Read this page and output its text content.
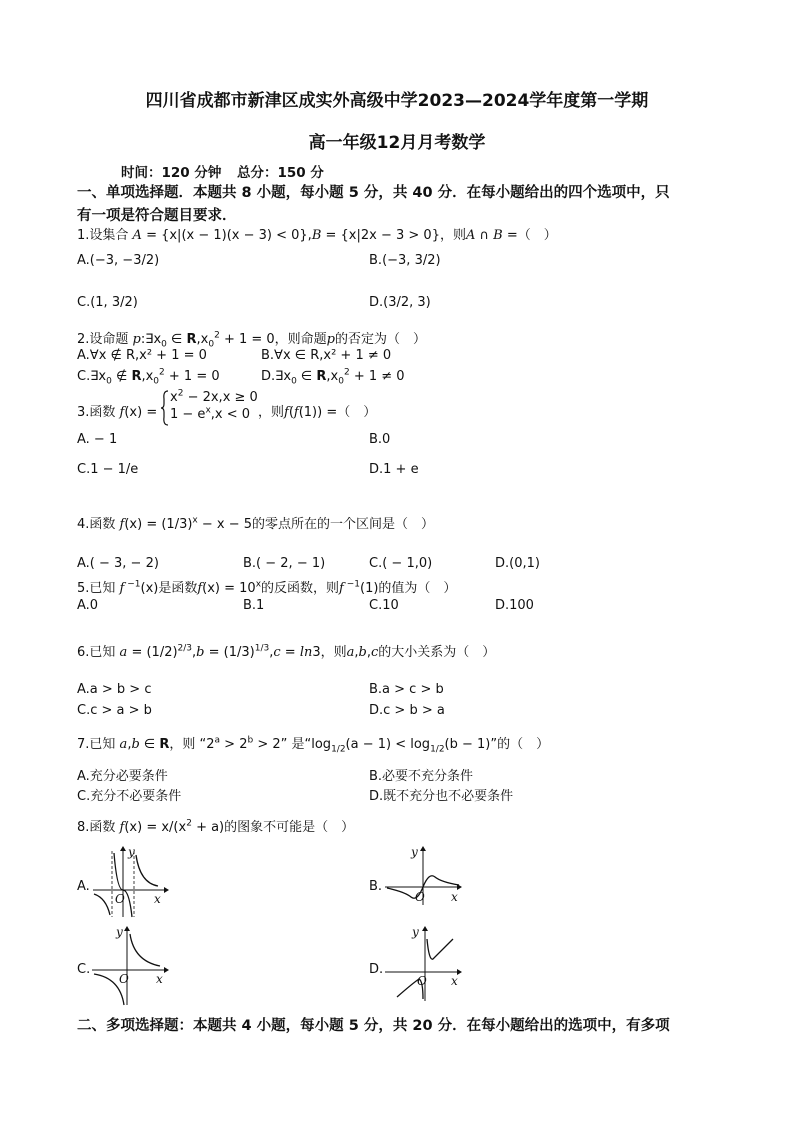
四川省成都市新津区成实外高级中学2023—2024学年度第一学期
高一年级12月月考数学
时间：120 分钟 总分：150 分
一、单项选择题．本题共 8 小题，每小题 5 分，共 40 分．在每小题给出的四个选项中，只
有一项是符合题目要求．
1.设集合 A = {x|(x − 1)(x − 3) < 0},B = {x|2x − 3 > 0}，则A ∩ B =（　）
A.(−3, −3/2)	B.(−3, 3/2)
C.(1, 3/2)	D.(3/2, 3)
2.设命题 $p:\exists x_0$ ∈ $R,x_0^2 + 1 = 0$，则命题p的否定为（　）
A.∀x ∉ R,x² + 1 = 0	B.∀x ∈ R,x² + 1 ≠ 0
$C.\exists x_0$ ∉ $R,x_0^2 + 1 = 0$	$D.\exists x_0$ ∈ $R,x_0^2 + 1 \ne 0$
3.函数 f(x) =
$x^2 - 2x,x \ge 0$
$1 - e^x,x < 0$ ，则f(f(1)) =（　）
A. − 1	B.0
C.1 − 1/e	D.1 + e
4.函数 $f(x) = (1/3)^x - x - 5$的零点所在的一个区间是（　）
A.( − 3, − 2)	B.( − 2, − 1)	C.( − 1,0)	D.(0,1)
5.已知 f $^{-1}$(x)是函数$f(x) = 10^x$的反函数，则f $^{-1}$(1)的值为（　）
A.0	B.1	C.10	D.100
6.已知 $a = (1/2)^{2/3},b = (1/3)^{1/3},c = \ln 3$，则a,b,c的大小关系为（　）
A.a > b > c	B.a > c > b
C.c > a > b	D.c > b > a
7.已知 a,b ∈ R，则 “$2^a > 2^b > 2$” 是“$\log_{1/2}(a - 1) < \log_{1/2}(b - 1)$”的（　）
A.充分必要条件	B.必要不充分条件
C.充分不必要条件	D.既不充分也不必要条件
8.函数 $f(x) = x/(x^2 + a)$的图象不可能是（　）
A.
O x
y
B.
O x
y
C.
O x
y
D.
O x
y
二、多项选择题：本题共 4 小题，每小题 5 分，共 20 分．在每小题给出的选项中，有多项
